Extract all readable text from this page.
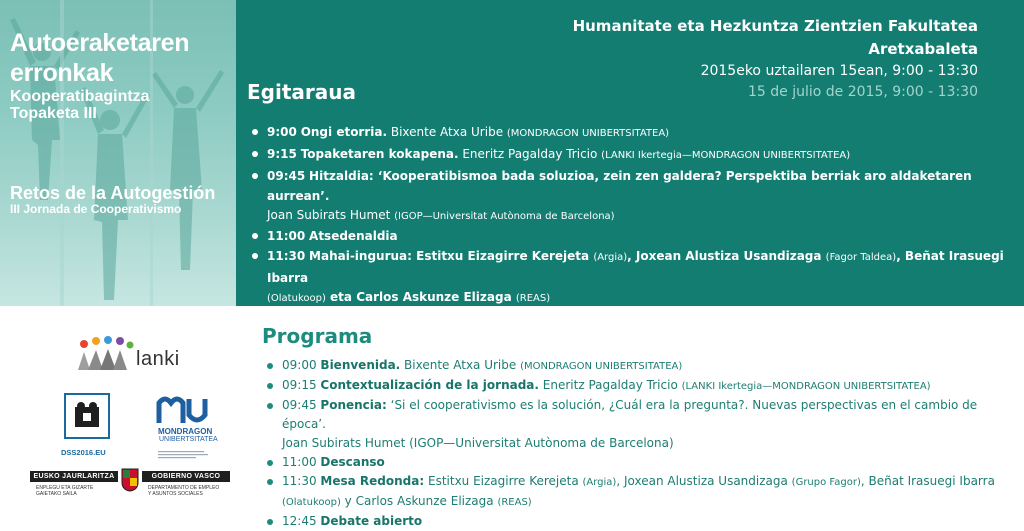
Autoeraketaren
erronkak
Kooperatibagintza
Topaketa III
Retos de la Autogestión
III Jornada de Cooperativismo
Humanitate eta Hezkuntza Zientzien Fakultatea
Aretxabaleta
2015eko uztailaren 15ean, 9:00 - 13:30
15 de julio de 2015, 9:00 - 13:30
Egitaraua
9:00 Ongi etorria. Bixente Atxa Uribe (MONDRAGON UNIBERTSITATEA)
9:15 Topaketaren kokapena. Eneritz Pagalday Tricio (LANKI Ikertegia—MONDRAGON UNIBERTSITATEA)
09:45 Hitzaldia: ‘Kooperatibismoa bada soluzioa, zein zen galdera? Perspektiba berriak aro aldaketaren aurrean’.
Joan Subirats Humet (IGOP—Universitat Autònoma de Barcelona)
11:00 Atsedenaldia
11:30 Mahai-ingurua: Estitxu Eizagirre Kerejeta (Argia), Joxean Alustiza Usandizaga (Fagor Taldea), Beñat Irasuegi Ibarra
(Olatukoop) eta Carlos Askunze Elizaga (REAS)
lanki
DSS2016.EU
MONDRAGON
UNIBERTSITATEA
EUSKO JAURLARITZA	GOBIERNO VASCO
ENPLEGU ETA GIZARTE
GAIETAKO SAILA
DEPARTAMENTO DE EMPLEO
Y ASUNTOS SOCIALES
Programa
09:00 Bienvenida. Bixente Atxa Uribe (MONDRAGON UNIBERTSITATEA)
09:15 Contextualización de la jornada. Eneritz Pagalday Tricio (LANKI Ikertegia—MONDRAGON UNIBERTSITATEA)
09:45 Ponencia: ‘Si el cooperativismo es la solución, ¿Cuál era la pregunta?. Nuevas perspectivas en el cambio de época’.
Joan Subirats Humet (IGOP—Universitat Autònoma de Barcelona)
11:00 Descanso
11:30 Mesa Redonda: Estitxu Eizagirre Kerejeta (Argia), Joxean Alustiza Usandizaga (Grupo Fagor), Beñat Irasuegi Ibarra
(Olatukoop) y Carlos Askunze Elizaga (REAS)
12:45 Debate abierto
